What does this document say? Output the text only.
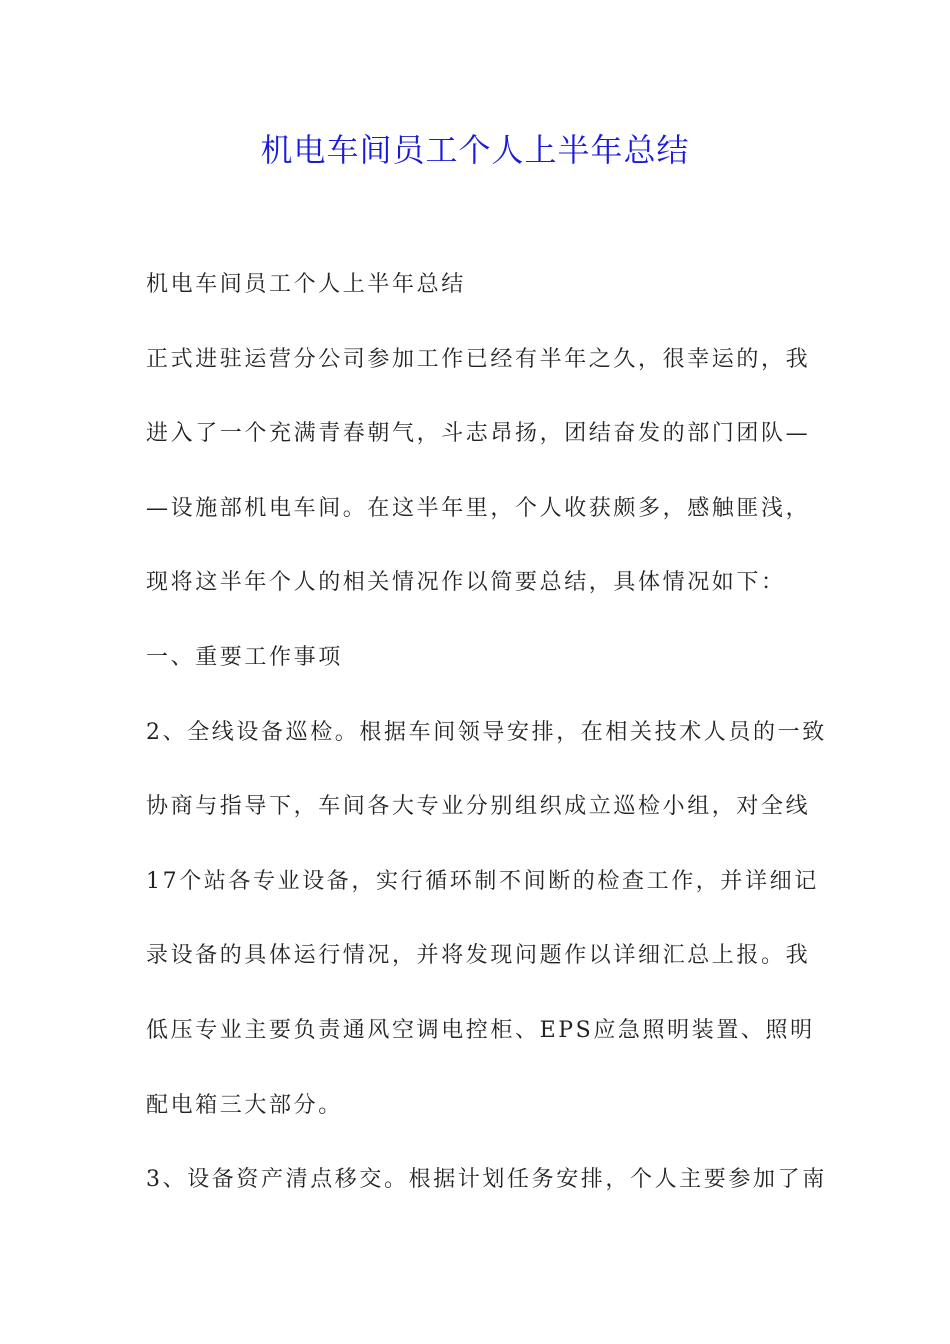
机电车间员工个人上半年总结
机电车间员工个人上半年总结
正式进驻运营分公司参加工作已经有半年之久，很幸运的，我
进入了一个充满青春朝气，斗志昂扬，团结奋发的部门团队—
—设施部机电车间。在这半年里，个人收获颇多，感触匪浅，
现将这半年个人的相关情况作以简要总结，具体情况如下：
一、重要工作事项
2、全线设备巡检。根据车间领导安排，在相关技术人员的一致
协商与指导下，车间各大专业分别组织成立巡检小组，对全线
17个站各专业设备，实行循环制不间断的检查工作，并详细记
录设备的具体运行情况，并将发现问题作以详细汇总上报。我
低压专业主要负责通风空调电控柜、EPS应急照明装置、照明
配电箱三大部分。
3、设备资产清点移交。根据计划任务安排，个人主要参加了南
